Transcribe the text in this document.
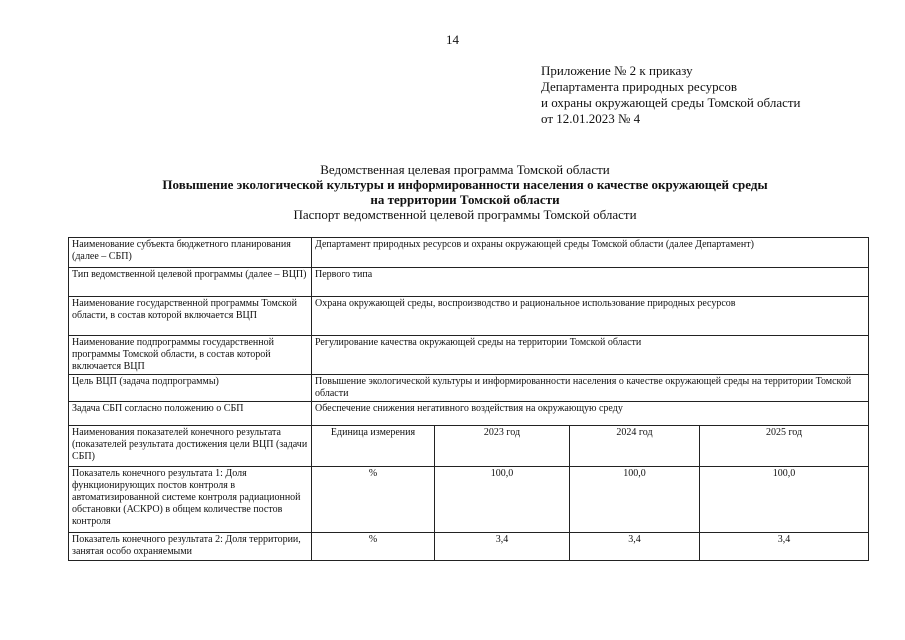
14
Приложение № 2 к приказу
Департамента природных ресурсов
и охраны окружающей среды Томской области
от 12.01.2023 № 4
Ведомственная целевая программа Томской области
Повышение экологической культуры и информированности населения о качестве окружающей среды
на территории Томской области
Паспорт ведомственной целевой программы Томской области
Наименование субъекта бюджетного планирования (далее – СБП)	Департамент природных ресурсов и охраны окружающей среды Томской области (далее Департамент)			
Тип ведомственной целевой программы (далее – ВЦП)	Первого типа			
Наименование государственной программы Томской области, в состав которой включается ВЦП	Охрана окружающей среды, воспроизводство и рациональное использование природных ресурсов			
Наименование подпрограммы государственной программы Томской области, в состав которой включается ВЦП	Регулирование качества окружающей среды на территории Томской области			
Цель ВЦП (задача подпрограммы)	Повышение экологической культуры и информированности населения о качестве окружающей среды на территории Томской области			
Задача СБП согласно положению о СБП	Обеспечение снижения негативного воздействия на окружающую среду			
Наименования показателей конечного результата (показателей результата достижения цели ВЦП (задачи СБП)	Единица измерения	2023 год	2024 год	2025 год
Показатель конечного результата 1: Доля функционирующих постов контроля в автоматизированной системе контроля радиационной обстановки (АСКРО) в общем количестве постов контроля	%	100,0	100,0	100,0
Показатель конечного результата 2: Доля территории, занятая особо охраняемыми	%	3,4	3,4	3,4
